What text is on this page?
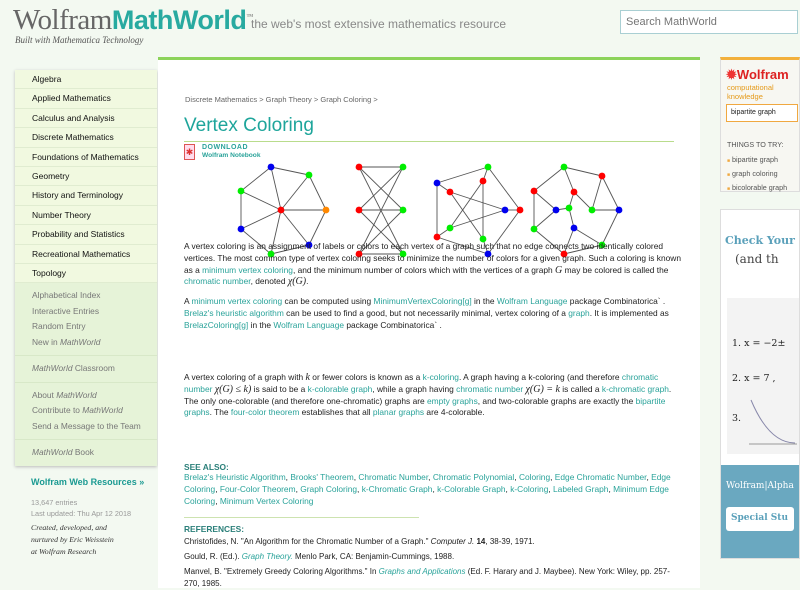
WolframMathWorld™
Built with Mathematica Technology
the web's most extensive mathematics resource
Search MathWorld
Algebra
Applied Mathematics
Calculus and Analysis
Discrete Mathematics
Foundations of Mathematics
Geometry
History and Terminology
Number Theory
Probability and Statistics
Recreational Mathematics
Topology
Alphabetical Index
Interactive Entries
Random Entry
New in MathWorld
MathWorld Classroom
About MathWorld
Contribute to MathWorld
Send a Message to the Team
MathWorld Book
Wolfram Web Resources »
13,647 entries
Last updated: Thu Apr 12 2018
Created, developed, and
nurtured by Eric Weisstein
at Wolfram Research
Discrete Mathematics > Graph Theory > Graph Coloring >
Vertex Coloring
✱ DOWNLOAD
Wolfram Notebook
A vertex coloring is an assignment of labels or colors to each vertex of a graph such that no edge connects two identically colored vertices. The most common type of vertex coloring seeks to minimize the number of colors for a given graph. Such a coloring is known as a minimum vertex coloring, and the minimum number of colors which with the vertices of a graph G may be colored is called the chromatic number, denoted χ(G).
A minimum vertex coloring can be computed using MinimumVertexColoring[g] in the Wolfram Language package Combinatorica` . Brelaz's heuristic algorithm can be used to find a good, but not necessarily minimal, vertex coloring of a graph. It is implemented as BrelazColoring[g] in the Wolfram Language package Combinatorica` .
A vertex coloring of a graph with k or fewer colors is known as a k-coloring. A graph having a k-coloring (and therefore chromatic number χ(G) ≤ k) is said to be a k-colorable graph, while a graph having chromatic number χ(G) = k is called a k-chromatic graph. The only one-colorable (and therefore one-chromatic) graphs are empty graphs, and two-colorable graphs are exactly the bipartite graphs. The four-color theorem establishes that all planar graphs are 4-colorable.
SEE ALSO:
Brelaz's Heuristic Algorithm, Brooks' Theorem, Chromatic Number, Chromatic Polynomial, Coloring, Edge Chromatic Number, Edge Coloring, Four-Color Theorem, Graph Coloring, k-Chromatic Graph, k-Colorable Graph, k-Coloring, Labeled Graph, Minimum Edge Coloring, Minimum Vertex Coloring
REFERENCES:
Christofides, N. "An Algorithm for the Chromatic Number of a Graph." Computer J. 14, 38-39, 1971.
Gould, R. (Ed.). Graph Theory. Menlo Park, CA: Benjamin-Cummings, 1988.
Manvel, B. "Extremely Greedy Coloring Algorithms." In Graphs and Applications (Ed. F. Harary and J. Maybee). New York: Wiley, pp. 257-270, 1985.
✹Wolfram
computational knowledge
bipartite graph
THINGS TO TRY:
■ bipartite graph
■ graph coloring
■ bicolorable graph
Check Your
(and th
1. x = −2±
2. x = 7 ,
3.
Wolfram|Alpha
Special Stu
